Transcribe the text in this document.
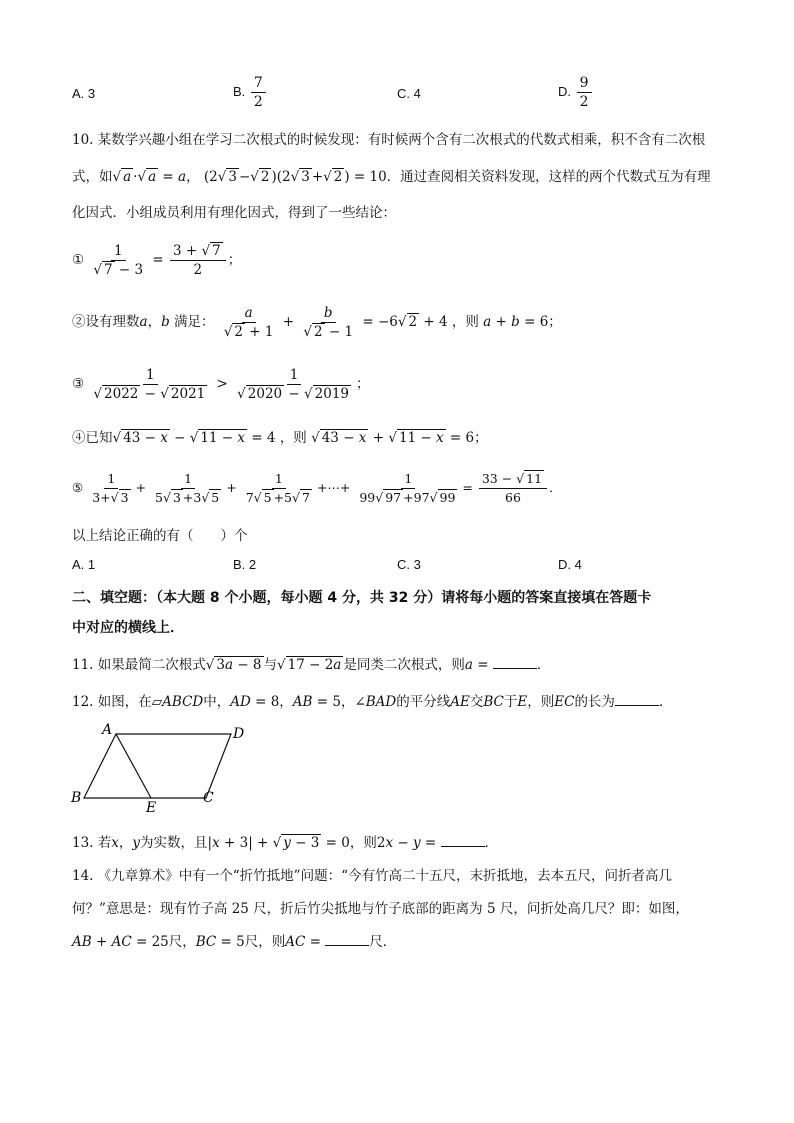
A. 3	B. $\frac{7}{2}$	C. 4	D. $\frac{9}{2}$
10. 某数学兴趣小组在学习二次根式的时候发现：有时候两个含有二次根式的代数式相乘，积不含有二次根
式，如 √ a · √ a = a， (2 √ 3 − √ 2 )(2 √ 3 + √ 2 ) = 10．通过查阅相关资料发现，这样的两个代数式互为有理
化因式．小组成员利用有理化因式，得到了一些结论：
① 1
√ $7 - 3 = \frac{3 + √ 7}{2}$ ；
②设有理数a，b 满足： a
√ 2 + 1 + b
√ 2 − 1 = −6 √ 2 + 4 ，则 a + b = 6；
③ 1
√ 2022 − √ 2021 > 1
√ 2020 − √ 2019 ；
④已知 √ 43 − x − √ 11 − x = 4 ，则 √ 43 − x + √ 11 − x = 6；
⑤ $\frac{1}{3+ √ 3} + \frac{1}{5 √ 3 +3 √ 5} + \frac{1}{7 √ 5 +5 √ 7}$ +⋯+ $\frac{1}{99 √ 97 +97 √ 99} = \frac{33 - √ 11}{66}$ ．
以上结论正确的有（　　）个
A. 1	B. 2	C. 3	D. 4
二、填空题：（本大题 8 个小题，每小题 4 分，共 32 分）请将每小题的答案直接填在答题卡
中对应的横线上．
11. 如果最简二次根式 √ 3a − 8 与 √ 17 − 2a 是同类二次根式，则a =	．
12. 如图，在▱ABCD中，AD = 8，AB = 5，∠BAD的平分线AE交BC于E，则EC的长为	．
A	D
B
E
C
13. 若x，y为实数，且|x + 3| + √ y − 3 = 0，则2x − y =	．
14. 《九章算术》中有一个“折竹抵地”问题：“今有竹高二十五尺，末折抵地，去本五尺，问折者高几
何？”意思是：现有竹子高 25 尺，折后竹尖抵地与竹子底部的距离为 5 尺，问折处高几尺？即：如图，
AB + AC = 25尺，BC = 5尺，则AC =	尺．
